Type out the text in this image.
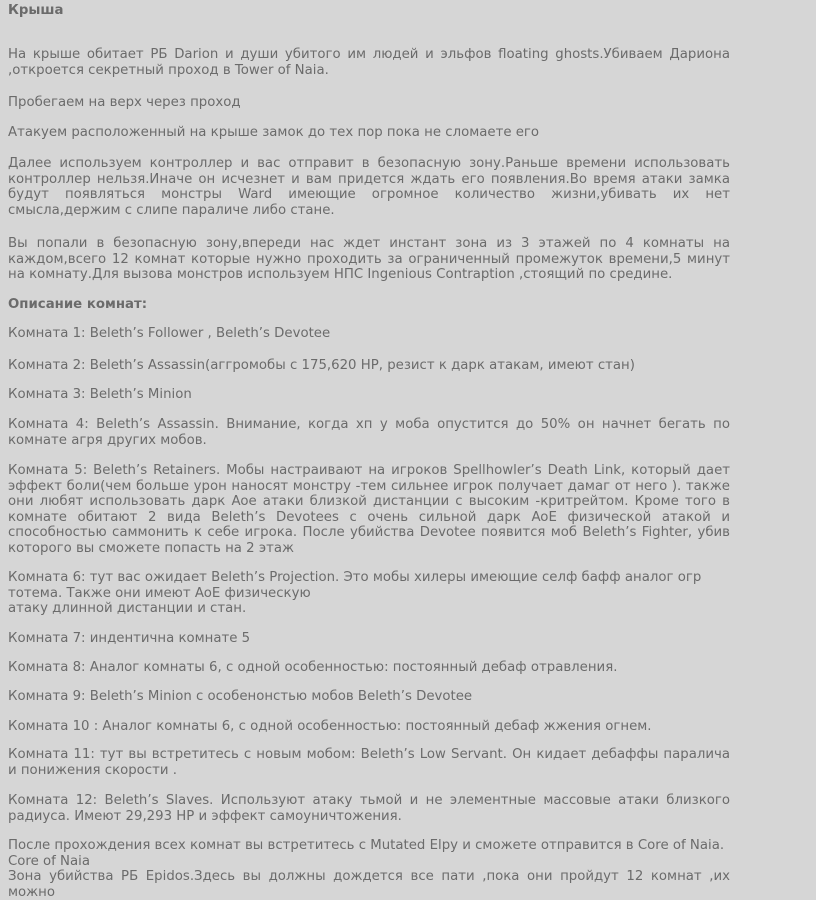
Крыша

На крыше обитает РБ Darion и души убитого им людей и эльфов floating ghosts.Убиваем Дариона ,откроется секретный проход в Tower of Naia.

Пробегаем на верх через проход

Атакуем расположенный на крыше замок до тех пор пока не сломаете его

Далее используем контроллер и вас отправит в безопасную зону.Раньше времени использовать контроллер нельзя.Иначе он исчезнет и вам придется ждать его появления.Во время атаки замка будут появляться монстры Ward имеющие огромное количество жизни,убивать их нет смысла,держим с слипе параличе либо стане.

Вы попали в безопасную зону,впереди нас ждет инстант зона из 3 этажей по 4 комнаты на каждом,всего 12 комнат которые нужно проходить за ограниченный промежуток времени,5 минут на комнату.Для вызова монстров используем НПС Ingenious Contraption ,стоящий по средине.

Описание комнат:

Комната 1: Beleth’s Follower , Beleth’s Devotee

Комната 2: Beleth’s Assassin(аггромобы с 175,620 HP, резист к дарк атакам, имеют стан)

Комната 3: Beleth’s Minion

Комната 4: Beleth’s Assassin. Внимание, когда хп у моба опустится до 50% он начнет бегать по комнате агря других мобов.

Комната 5: Beleth’s Retainers. Мобы настраивают на игроков Spellhowler’s Death Link, который дает эффект боли(чем больше урон наносят монстру -тем сильнее игрок получает дамаг от него ). также они любят использовать дарк Aoe атаки близкой дистанции с высоким -критрейтом. Кроме того в комнате обитают 2 вида Beleth’s Devotees с очень сильной дарк AoE физической атакой и способностью саммонить к себе игрока. После убийства Devotee появится моб Beleth’s Fighter, убив которого вы сможете попасть на 2 этаж

Комната 6: тут вас ожидает Beleth’s Projection. Это мобы хилеры имеющие селф бафф аналог огр тотема. Также они имеют AoE физическую
атаку длинной дистанции и стан.

Комната 7: индентична комнате 5

Комната 8: Аналог комнаты 6, с одной особенностью: постоянный дебаф отравления.

Комната 9: Beleth’s Minion с особенонстью мобов Beleth’s Devotee

Комната 10 : Аналог комнаты 6, с одной особенностью: постоянный дебаф жжения огнем.

Комната 11: тут вы встретитесь с новым мобом: Beleth’s Low Servant. Он кидает дебаффы паралича и понижения скорости .

Комната 12: Beleth’s Slaves. Используют атаку тьмой и не элементные массовые атаки близкого радиуса. Имеют 29,293 HP и эффект самоуничтожения.

После прохождения всех комнат вы встретитесь с Mutated Elpy и сможете отправится в Core of Naia.
Core of Naia
Зона убийства РБ Epidos.Здесь вы должны дождется все пати ,пока они пройдут 12 комнат ,их можно
